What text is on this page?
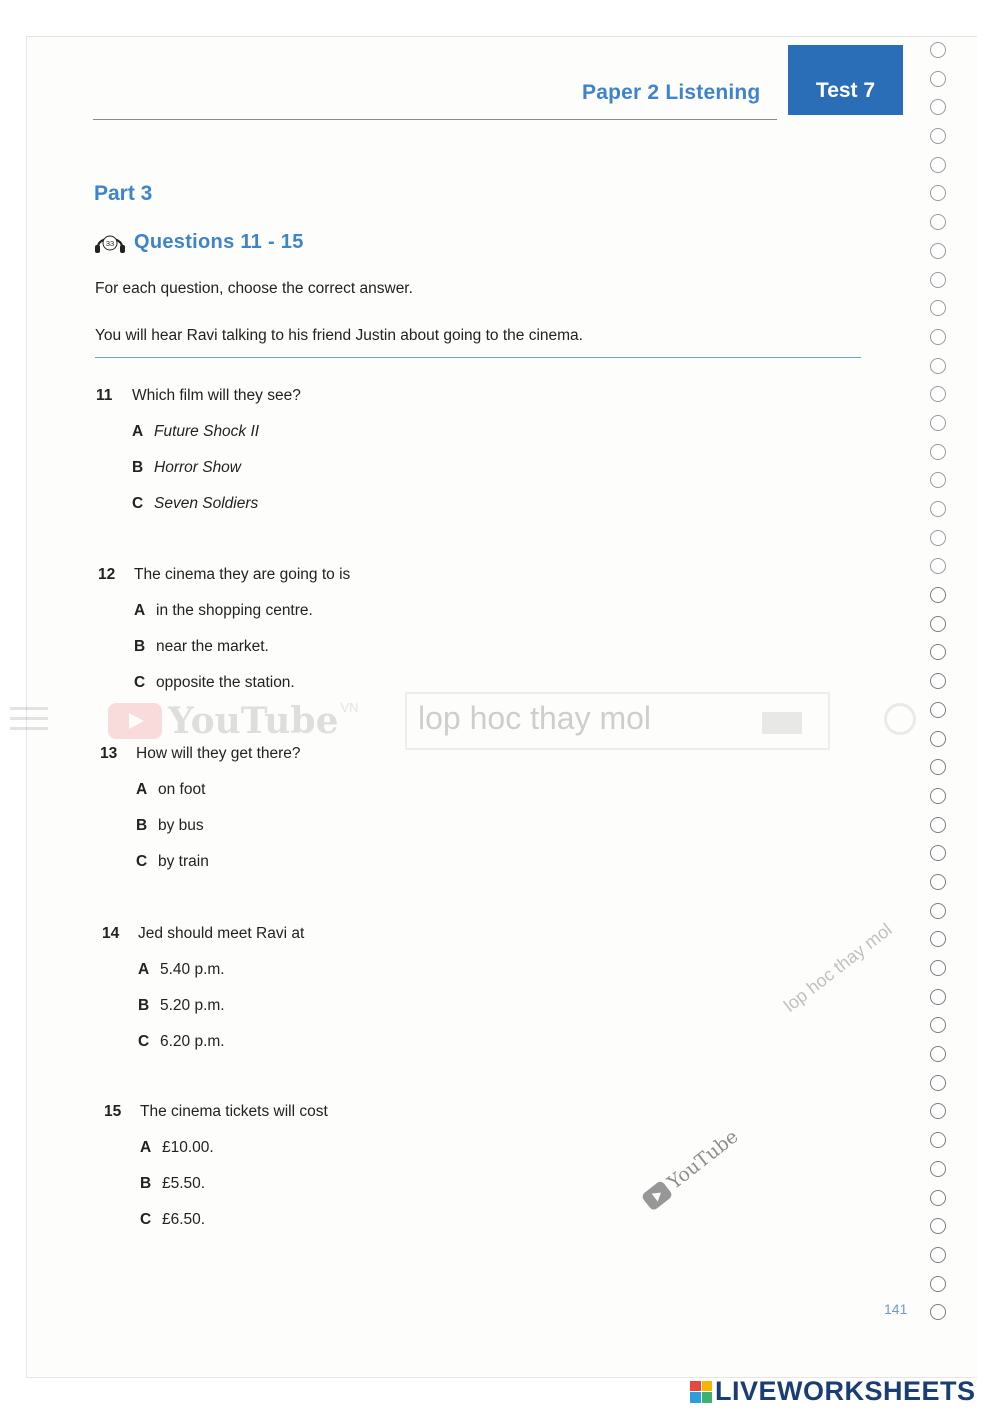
Paper 2 Listening	Test 7
Part 3
33 Questions 11 - 15
For each question, choose the correct answer.
You will hear Ravi talking to his friend Justin about going to the cinema.
11 Which film will they see?
A Future Shock II
B Horror Show
C Seven Soldiers
12 The cinema they are going to is
A in the shopping centre.
B near the market.
C opposite the station.
13 How will they get there?
A on foot
B by bus
C by train
14 Jed should meet Ravi at
A 5.40 p.m.
B 5.20 p.m.
C 6.20 p.m.
15 The cinema tickets will cost
A £10.00.
B £5.50.
C £6.50.
141
YouTube VN lop hoc thay mol
lop hoc thay mol
YouTube
LIVEWORKSHEETS
